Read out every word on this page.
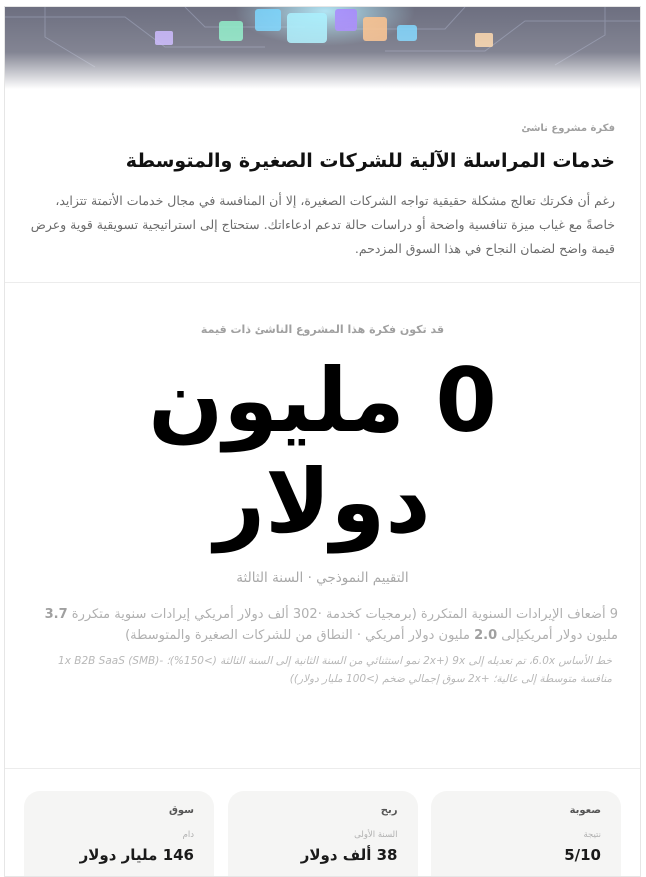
فكرة مشروع ناشئ

خدمات المراسلة الآلية للشركات الصغيرة والمتوسطة

رغم أن فكرتك تعالج مشكلة حقيقية تواجه الشركات الصغيرة، إلا أن المنافسة في مجال خدمات الأتمتة تتزايد، خاصةً مع غياب ميزة تنافسية واضحة أو دراسات حالة تدعم ادعاءاتك. ستحتاج إلى استراتيجية تسويقية قوية وعرض قيمة واضح لضمان النجاح في هذا السوق المزدحم.

قد تكون فكرة هذا المشروع الناشئ ذات قيمة

0 مليون دولار

التقييم النموذجي · السنة الثالثة

9 أضعاف الإيرادات السنوية المتكررة (برمجيات كخدمة ·302 ألف دولار أمريكي إيرادات سنوية متكررة 3.7 مليون دولار أمريكيإلى 2.0 مليون دولار أمريكي · النطاق من للشركات الصغيرة والمتوسطة)

خط الأساس 6.0x، تم تعديله إلى 9x (+2x نمو استثنائي من السنة الثانية إلى السنة الثالثة (>150%)؛ -1x B2B SaaS (SMB) منافسة متوسطة إلى عالية؛ +2x سوق إجمالي ضخم (>100 مليار دولار))

صعوبة

نتيجة

5/10

ربح

السنة الأولى

38 ألف دولار

سوق

دام

146 مليار دولار
